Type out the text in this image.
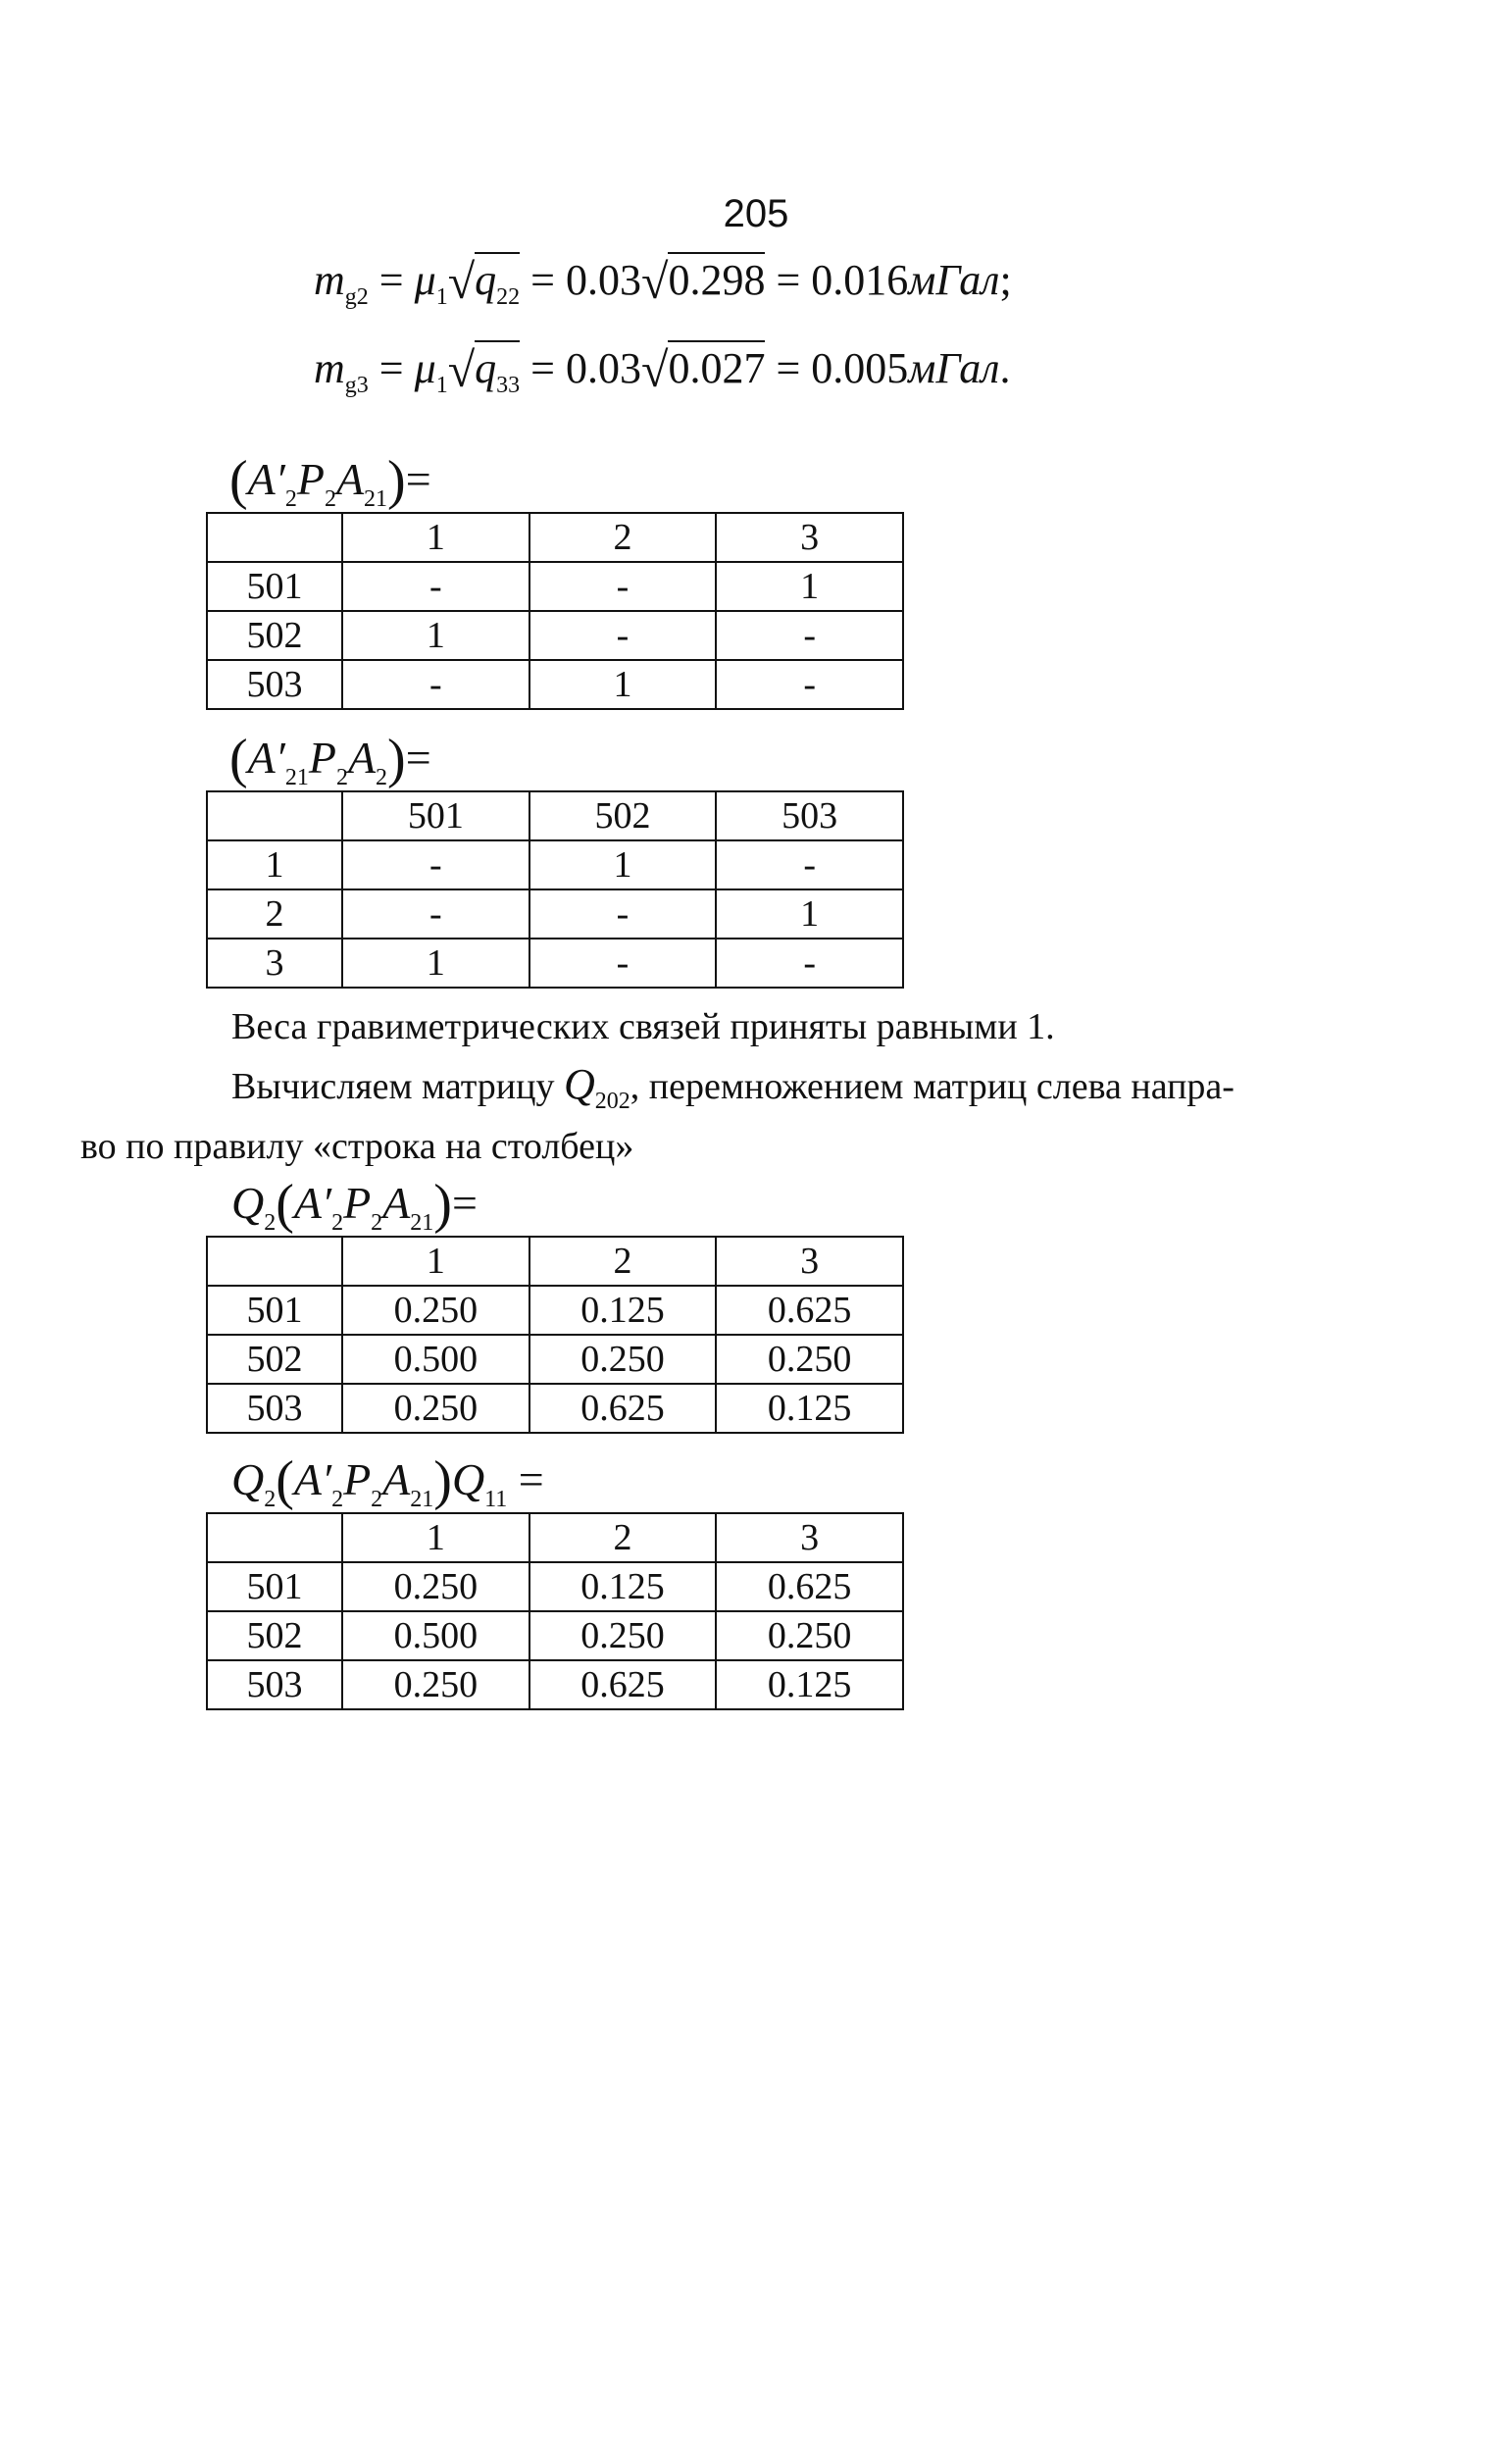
205
$m_{g2} = \mu_1√q_{22} = 0.03√0.298$ = 0.016мГал;
$m_{g3} = \mu_1√q_{33} = 0.03√0.027$ = 0.005мГал.
$(A'_2P_2A_{21})=$
	1	2	3
501	-	-	1
502	1	-	-
503	-	1	-
$(A'_{21}P_2A_2)=$
	501	502	503
1	-	1	-
2	-	-	1
3	1	-	-
Веса гравиметрических связей приняты равными 1.
Вычисляем матрицу $Q_{202}$, перемножением матриц слева напра-
во по правилу «строка на столбец»
$Q_2(A'_2P_2A_{21})=$
	1	2	3
501	0.250	0.125	0.625
502	0.500	0.250	0.250
503	0.250	0.625	0.125
$Q_2(A'_2P_2A_{21})Q_{11}$ =
	1	2	3
501	0.250	0.125	0.625
502	0.500	0.250	0.250
503	0.250	0.625	0.125
